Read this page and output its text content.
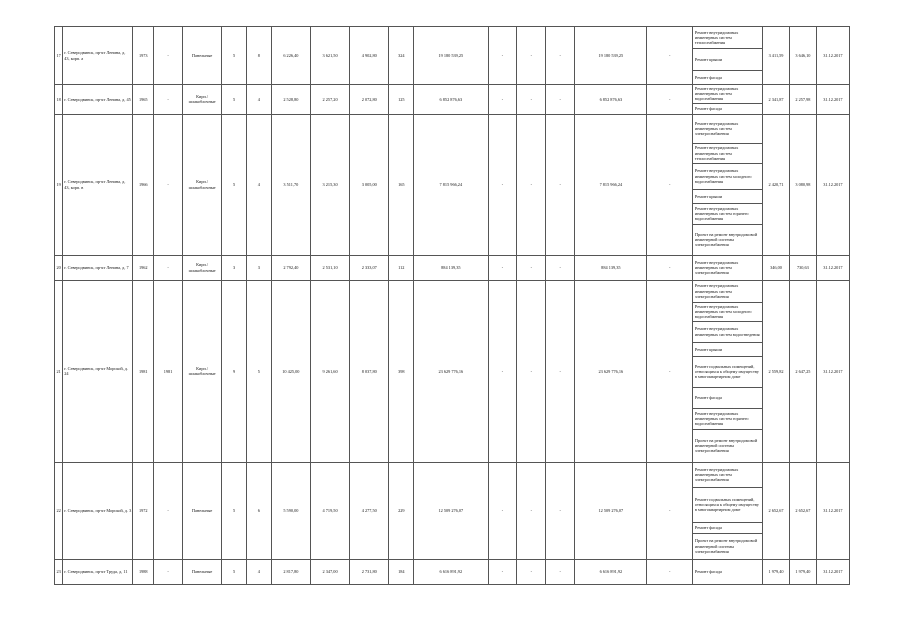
17	г. Северодвинск, пр-кт Ленина, д. 43, корп. а	1973	-	Панельные	5	8	6 226,40	3 621,50	4 902,80	324	19 180 539,25	-	-	-	19 180 539,25	-	Ремонт внутридомовых инженерных систем теплоснабжения	3 411,59	3 646,10	31.12.2017
																	Ремонт крыши			
																	Ремонт фасада			
18	г. Северодвинск, пр-кт Ленина, д. 45	1965	-	Кирп./шлакоблочные	5	4	2 528,80	2 257,20	2 072,80	125	6 852 876,63	-	-	-	6 852 876,63	-	Ремонт внутридомовых инженерных систем водоснабжения	2 341,87	2 257,98	31.12.2017
																	Ремонт фасада			
19	г. Северодвинск, пр-кт Ленина, д. 43, корп. в	1966	-	Кирп./шлакоблочные	5	4	3 511,70	3 215,30	3 005,00	165	7 815 966,24	-	-	-	7 815 966,24	-	Ремонт внутридомовых инженерных систем электроснабжения	2 420,71	3 080,98	31.12.2017
																	Ремонт внутридомовых инженерных систем теплоснабжения			
																	Ремонт внутридомовых инженерных систем холодного водоснабжения			
																	Ремонт крыши			
																	Ремонт внутридомовых инженерных систем горячего водоснабжения			
																	Проект на ремонт внутридомовой инженерной системы электроснабжения			
20	г. Северодвинск, пр-кт Ленина, д. 7	1962	-	Кирп./шлакоблочные	3	3	2 792,40	2 531,10	2 333,07	112	884 139,35	-	-	-	884 139,35	-	Ремонт внутридомовых инженерных систем электроснабжения	346,00	730,63	31.12.2017
21	г. Северодвинск, пр-кт Морской, д. 24	1981	1981	Кирп./шлакоблочные	9	5	10 425,00	9 261,60	8 037,80	398	23 629 776,16	-	-	-	23 629 776,16	-	Ремонт внутридомовых инженерных систем электроснабжения	2 559,82	2 647,25	31.12.2017
																	Ремонт внутридомовых инженерных систем холодного водоснабжения			
																	Ремонт внутридомовых инженерных систем водоотведения			
																	Ремонт крыши			
																	Ремонт подвальных помещений, относящихся к общему имуществу в многоквартирном доме			
																	Ремонт фасада			
																	Ремонт внутридомовых инженерных систем горячего водоснабжения			
																	Проект на ремонт внутридомовой инженерной системы электроснабжения			
22	г. Северодвинск, пр-кт Морской, д. 3	1972	-	Панельные	5	6	5 590,00	4 719,50	4 277,50	229	12 509 276,07	-	-	-	12 509 276,07	-	Ремонт внутридомовых инженерных систем электроснабжения	2 652,67	2 652,67	31.12.2017
																	Ремонт подвальных помещений, относящихся к общему имуществу в многоквартирном доме			
																	Ремонт фасада			
																	Проект на ремонт внутридомовой инженерной системы электроснабжения			
23	г. Северодвинск, пр-кт Труда, д. 11	1988	-	Панельные	5	4	2 817,80	2 347,00	2 731,80	184	6 616 891,92	-	-	-	6 616 891,92	-	Ремонт фасада	1 979,40	1 979,40	31.12.2017
